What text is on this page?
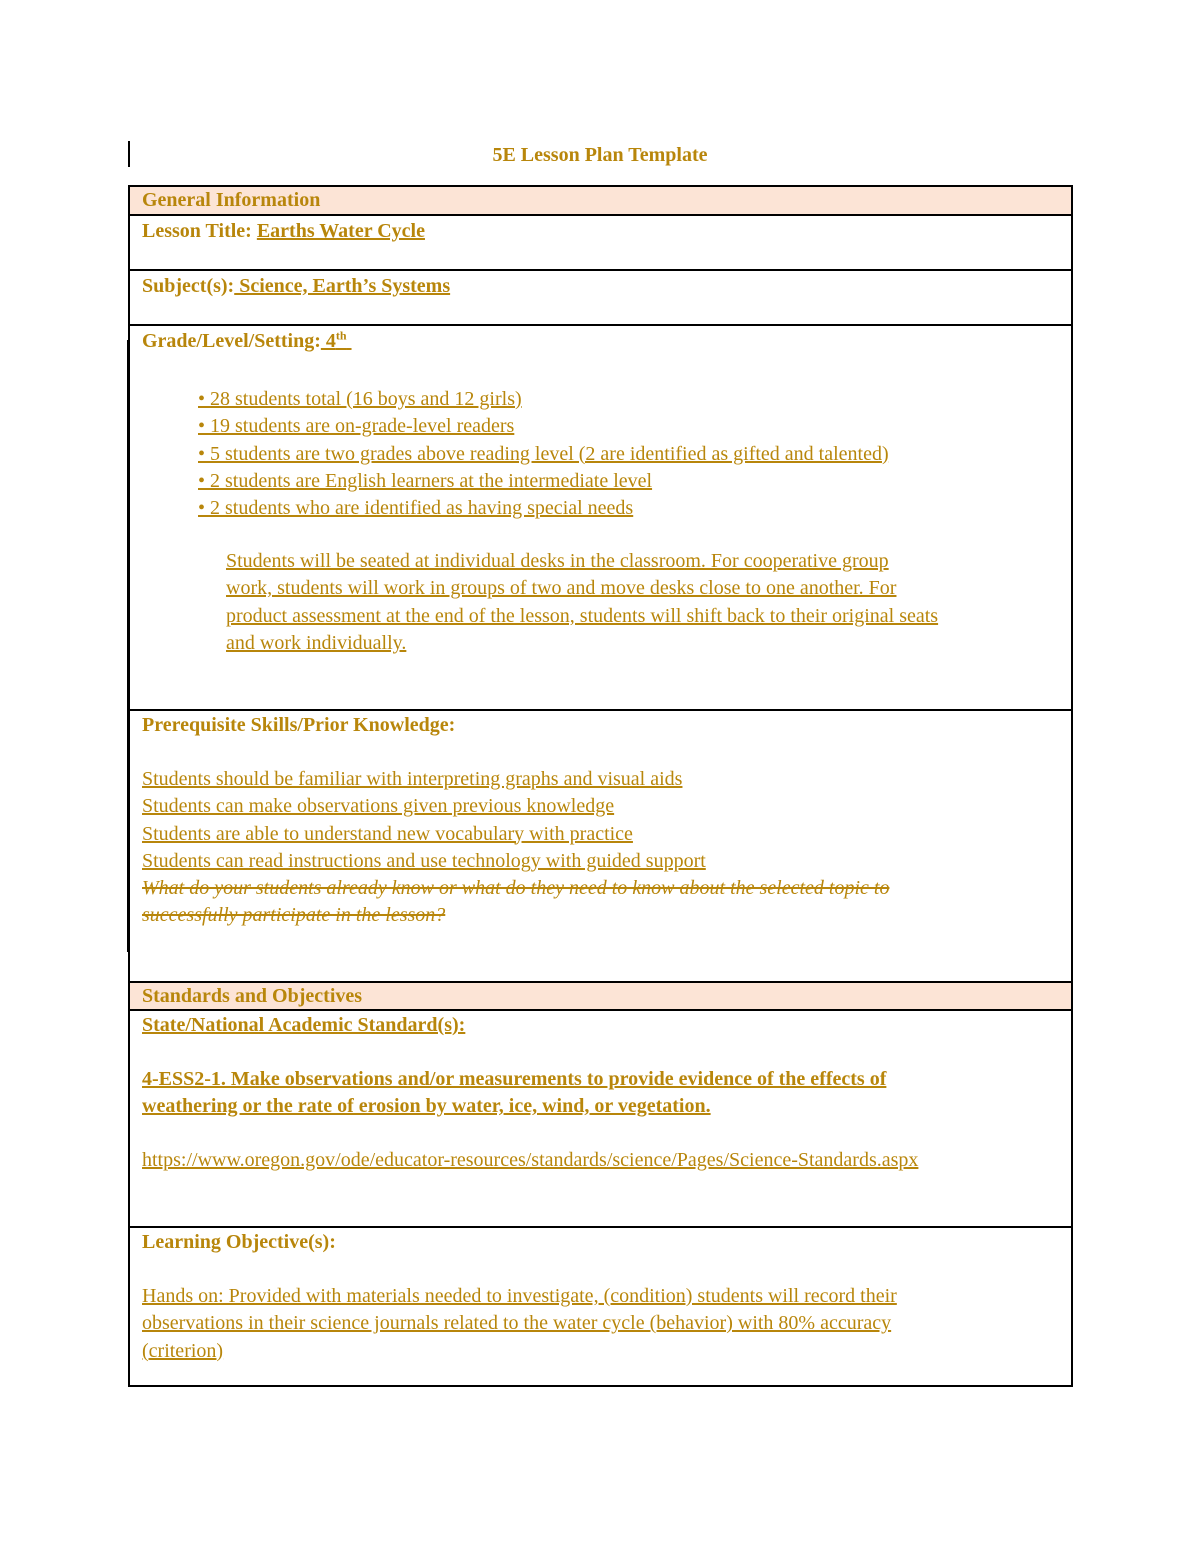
5E Lesson Plan Template
General Information
Lesson Title: Earths Water Cycle
Subject(s): Science, Earth’s Systems
Grade/Level/Setting: 4th
• 28 students total (16 boys and 12 girls)
• 19 students are on-grade-level readers
• 5 students are two grades above reading level (2 are identified as gifted and talented)
• 2 students are English learners at the intermediate level
• 2 students who are identified as having special needs
Students will be seated at individual desks in the classroom. For cooperative group
work, students will work in groups of two and move desks close to one another. For
product assessment at the end of the lesson, students will shift back to their original seats
and work individually.
Prerequisite Skills/Prior Knowledge:
Students should be familiar with interpreting graphs and visual aids
Students can make observations given previous knowledge
Students are able to understand new vocabulary with practice
Students can read instructions and use technology with guided support
What do your students already know or what do they need to know about the selected topic to
successfully participate in the lesson?
Standards and Objectives
State/National Academic Standard(s):
4-ESS2-1. Make observations and/or measurements to provide evidence of the effects of
weathering or the rate of erosion by water, ice, wind, or vegetation.
https://www.oregon.gov/ode/educator-resources/standards/science/Pages/Science-Standards.aspx
Learning Objective(s):
Hands on: Provided with materials needed to investigate, (condition) students will record their
observations in their science journals related to the water cycle (behavior) with 80% accuracy
(criterion)
